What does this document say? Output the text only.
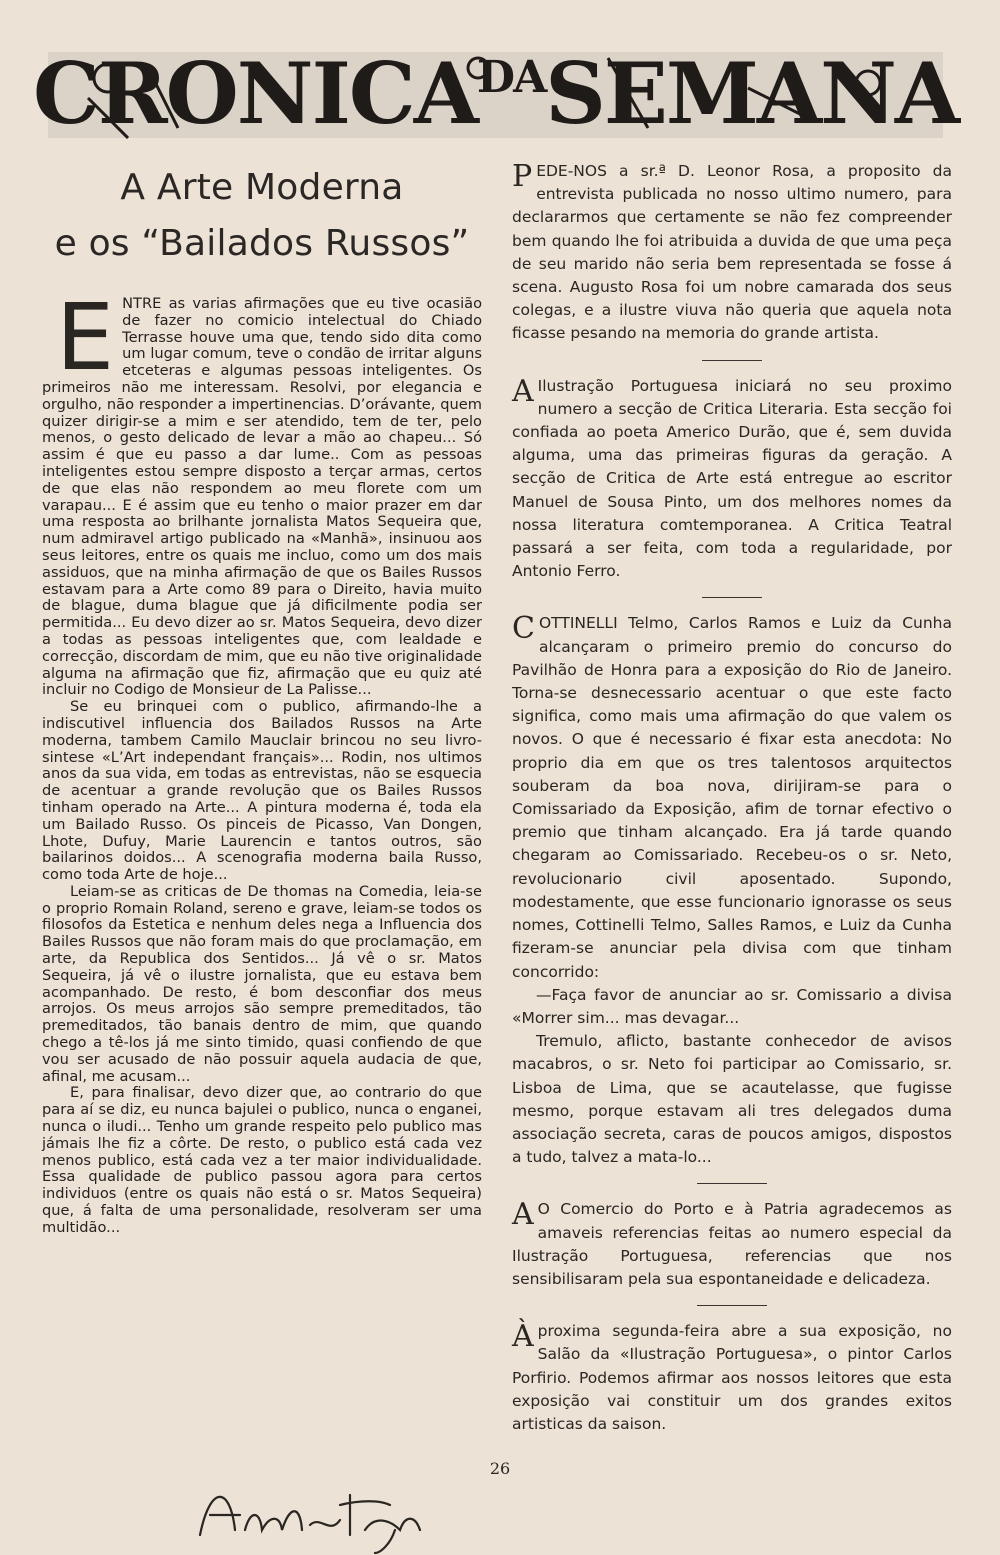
CRONICA DA SEMANA
A Arte Moderna
e os “Bailados Russos”

ENTRE as varias afirmações que eu tive ocasião de fazer no comicio intelectual do Chiado Terrasse houve uma que, tendo sido dita como um lugar comum, teve o condão de irritar alguns etceteras e algumas pessoas inteligentes. Os primeiros não me interessam. Resolvi, por elegancia e orgulho, não responder a impertinencias. D’orávante, quem quizer dirigir-se a mim e ser atendido, tem de ter, pelo menos, o gesto delicado de levar a mão ao chapeu... Só assim é que eu passo a dar lume.. Com as pessoas inteligentes estou sempre disposto a terçar armas, certos de que elas não respondem ao meu florete com um varapau... E é assim que eu tenho o maior prazer em dar uma resposta ao brilhante jornalista Matos Sequeira que, num admiravel artigo publicado na «Manhã», insinuou aos seus leitores, entre os quais me incluo, como um dos mais assiduos, que na minha afirmação de que os Bailes Russos estavam para a Arte como 89 para o Direito, havia muito de blague, duma blague que já dificilmente podia ser permitida... Eu devo dizer ao sr. Matos Sequeira, devo dizer a todas as pessoas inteligentes que, com lealdade e correcção, discordam de mim, que eu não tive originalidade alguma na afirmação que fiz, afirmação que eu quiz até incluir no Codigo de Monsieur de La Palisse...

Se eu brinquei com o publico, afirmando-lhe a indiscutivel influencia dos Bailados Russos na Arte moderna, tambem Camilo Mauclair brincou no seu livro-sintese «L’Art independant français»... Rodin, nos ultimos anos da sua vida, em todas as entrevistas, não se esquecia de acentuar a grande revolução que os Bailes Russos tinham operado na Arte... A pintura moderna é, toda ela um Bailado Russo. Os pinceis de Picasso, Van Dongen, Lhote, Dufuy, Marie Laurencin e tantos outros, são bailarinos doidos... A scenografia moderna baila Russo, como toda Arte de hoje...

Leiam-se as criticas de De thomas na Comedia, leia-se o proprio Romain Roland, sereno e grave, leiam-se todos os filosofos da Estetica e nenhum deles nega a Influencia dos Bailes Russos que não foram mais do que proclamação, em arte, da Republica dos Sentidos... Já vê o sr. Matos Sequeira, já vê o ilustre jornalista, que eu estava bem acompanhado. De resto, é bom desconfiar dos meus arrojos. Os meus arrojos são sempre premeditados, tão premeditados, tão banais dentro de mim, que quando chego a tê-los já me sinto timido, quasi confiendo de que vou ser acusado de não possuir aquela audacia de que, afinal, me acusam...

E, para finalisar, devo dizer que, ao contrario do que para aí se diz, eu nunca bajulei o publico, nunca o enganei, nunca o iludi... Tenho um grande respeito pelo publico mas jámais lhe fiz a côrte. De resto, o publico está cada vez menos publico, está cada vez a ter maior individualidade. Essa qualidade de publico passou agora para certos individuos (entre os quais não está o sr. Matos Sequeira) que, á falta de uma personalidade, resolveram ser uma multidão...

PEDE-NOS a sr.ª D. Leonor Rosa, a proposito da entrevista publicada no nosso ultimo numero, para declararmos que certamente se não fez compreender bem quando lhe foi atribuida a duvida de que uma peça de seu marido não seria bem representada se fosse á scena. Augusto Rosa foi um nobre camarada dos seus colegas, e a ilustre viuva não queria que aquela nota ficasse pesando na memoria do grande artista.

A Ilustração Portuguesa iniciará no seu proximo numero a secção de Critica Literaria. Esta secção foi confiada ao poeta Americo Durão, que é, sem duvida alguma, uma das primeiras figuras da geração. A secção de Critica de Arte está entregue ao escritor Manuel de Sousa Pinto, um dos melhores nomes da nossa literatura comtemporanea. A Critica Teatral passará a ser feita, com toda a regularidade, por Antonio Ferro.

COTTINELLI Telmo, Carlos Ramos e Luiz da Cunha alcançaram o primeiro premio do concurso do Pavilhão de Honra para a exposição do Rio de Janeiro. Torna-se desnecessario acentuar o que este facto significa, como mais uma afirmação do que valem os novos. O que é necessario é fixar esta anecdota: No proprio dia em que os tres talentosos arquitectos souberam da boa nova, dirijiram-se para o Comissariado da Exposição, afim de tornar efectivo o premio que tinham alcançado. Era já tarde quando chegaram ao Comissariado. Recebeu-os o sr. Neto, revolucionario civil aposentado. Supondo, modestamente, que esse funcionario ignorasse os seus nomes, Cottinelli Telmo, Salles Ramos, e Luiz da Cunha fizeram-se anunciar pela divisa com que tinham concorrido:

—Faça favor de anunciar ao sr. Comissario a divisa «Morrer sim... mas devagar...

Tremulo, aflicto, bastante conhecedor de avisos macabros, o sr. Neto foi participar ao Comissario, sr. Lisboa de Lima, que se acautelasse, que fugisse mesmo, porque estavam ali tres delegados duma associação secreta, caras de poucos amigos, dispostos a tudo, talvez a mata-lo...

A O Comercio do Porto e à Patria agradecemos as amaveis referencias feitas ao numero especial da Ilustração Portuguesa, referencias que nos sensibilisaram pela sua espontaneidade e delicadeza.

Àproxima segunda-feira abre a sua exposição, no Salão da «Ilustração Portuguesa», o pintor Carlos Porfirio. Podemos afirmar aos nossos leitores que esta exposição vai constituir um dos grandes exitos artisticas da saison.

26
